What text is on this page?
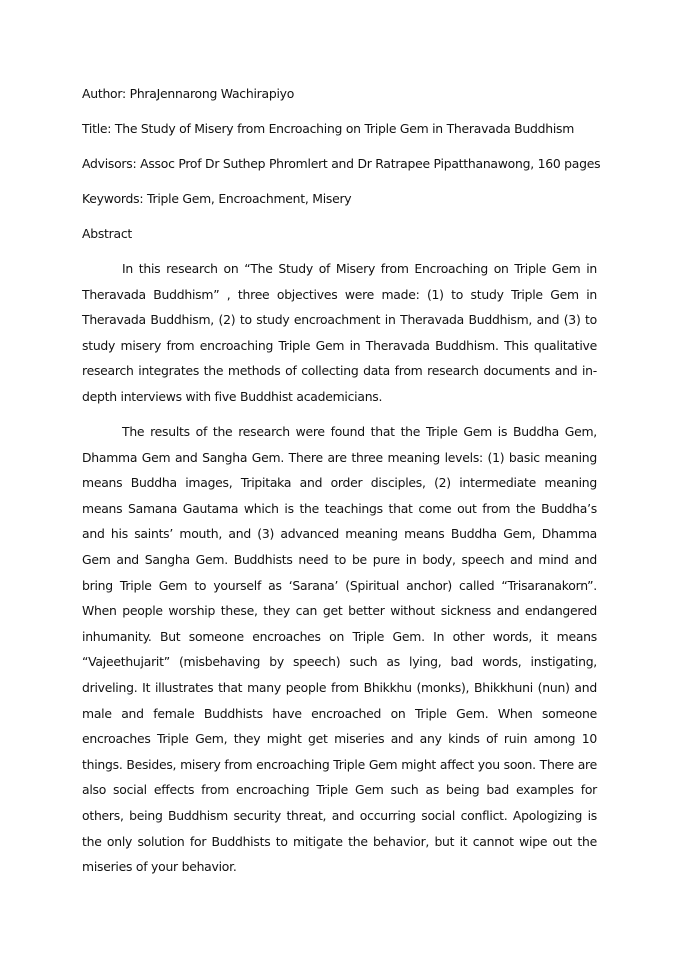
Author: PhraJennarong Wachirapiyo
Title: The Study of Misery from Encroaching on Triple Gem in Theravada Buddhism
Advisors: Assoc Prof Dr Suthep Phromlert and Dr Ratrapee Pipatthanawong, 160 pages
Keywords: Triple Gem, Encroachment, Misery
Abstract

In this research on “The Study of Misery from Encroaching on Triple Gem in Theravada Buddhism” , three objectives were made: (1) to study Triple Gem in Theravada Buddhism, (2) to study encroachment in Theravada Buddhism, and (3) to study misery from encroaching Triple Gem in Theravada Buddhism. This qualitative research integrates the methods of collecting data from research documents and in-depth interviews with five Buddhist academicians.

The results of the research were found that the Triple Gem is Buddha Gem, Dhamma Gem and Sangha Gem. There are three meaning levels: (1) basic meaning means Buddha images, Tripitaka and order disciples, (2) intermediate meaning means Samana Gautama which is the teachings that come out from the Buddha’s and his saints’ mouth, and (3) advanced meaning means Buddha Gem, Dhamma Gem and Sangha Gem. Buddhists need to be pure in body, speech and mind and bring Triple Gem to yourself as ‘Sarana’ (Spiritual anchor) called “Trisaranakorn”. When people worship these, they can get better without sickness and endangered inhumanity. But someone encroaches on Triple Gem. In other words, it means “Vajeethujarit” (misbehaving by speech) such as lying, bad words, instigating, driveling. It illustrates that many people from Bhikkhu (monks), Bhikkhuni (nun) and male and female Buddhists have encroached on Triple Gem. When someone encroaches Triple Gem, they might get miseries and any kinds of ruin among 10 things. Besides, misery from encroaching Triple Gem might affect you soon. There are also social effects from encroaching Triple Gem such as being bad examples for others, being Buddhism security threat, and occurring social conflict. Apologizing is the only solution for Buddhists to mitigate the behavior, but it cannot wipe out the miseries of your behavior.
